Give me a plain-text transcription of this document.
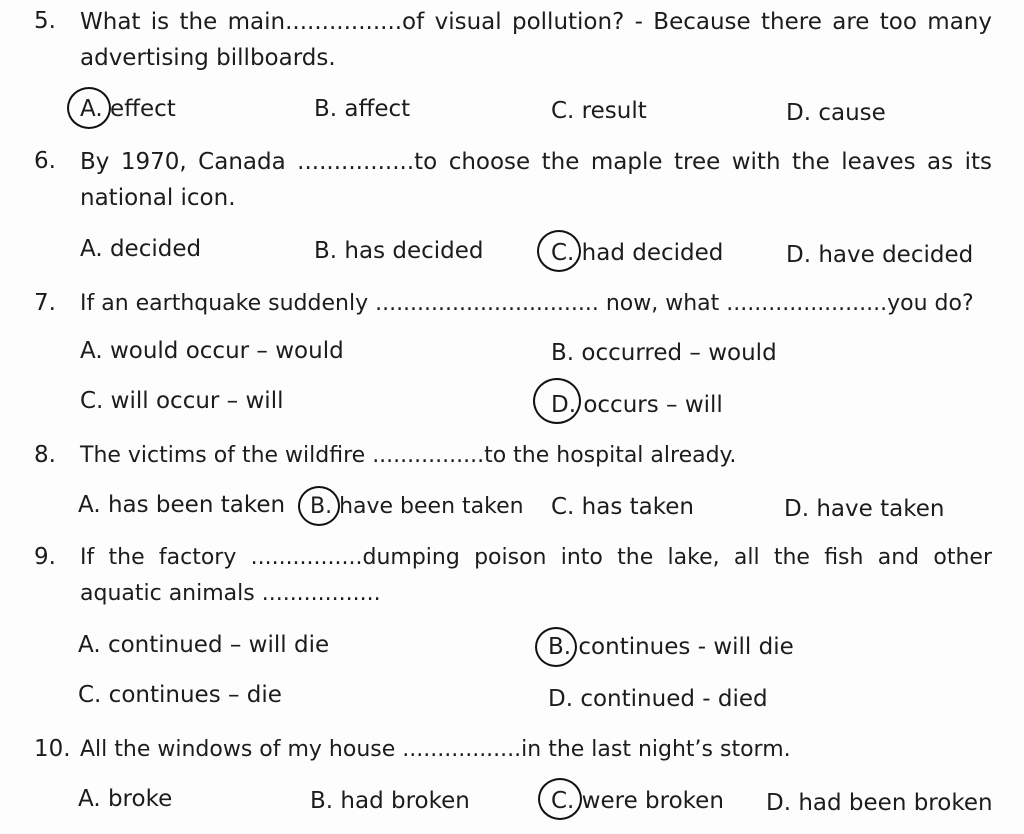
5. What is the main................of visual pollution? - Because there are too many advertising billboards.
A. effect	B. affect	C. result	D. cause
6. By 1970, Canada ................to choose the maple tree with the leaves as its national icon.
A. decided	B. has decided	C. had decided	D. have decided
7. If an earthquake suddenly ................................ now, what .......................you do?
A. would occur – would	B. occurred – would
C. will occur – will	D. occurs – will
8. The victims of the wildfire ................to the hospital already.
A. has been taken B. have been taken C. has taken	D. have taken
9. If the factory ................dumping poison into the lake, all the fish and other aquatic animals .................
A. continued – will die	B. continues - will die
C. continues – die	D. continued - died
10. All the windows of my house .................in the last night’s storm.
A. broke	B. had broken	C. were broken D. had been broken
